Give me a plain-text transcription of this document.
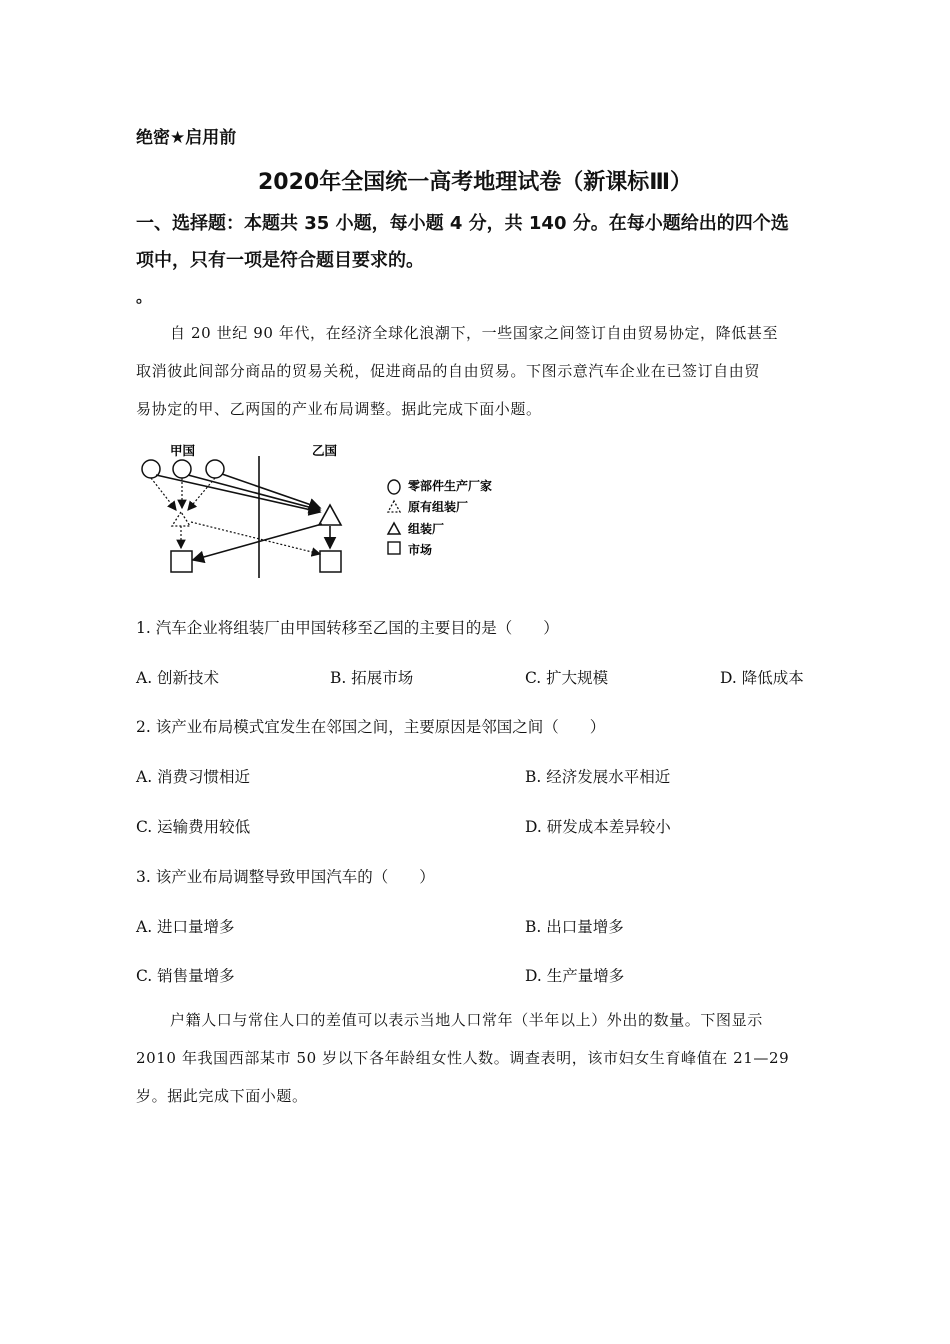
绝密★启用前
2020年全国统一高考地理试卷（新课标Ⅲ）
一、选择题：本题共 35 小题，每小题 4 分，共 140 分。在每小题给出的四个选
项中，只有一项是符合题目要求的。
。
自 20 世纪 90 年代，在经济全球化浪潮下，一些国家之间签订自由贸易协定，降低甚至
取消彼此间部分商品的贸易关税，促进商品的自由贸易。下图示意汽车企业在已签订自由贸
易协定的甲、乙两国的产业布局调整。据此完成下面小题。
甲国	乙国
零部件生产厂家
原有组装厂
组装厂
市场
1. 汽车企业将组装厂由甲国转移至乙国的主要目的是（　　）
A. 创新技术	B. 拓展市场	C. 扩大规模	D. 降低成本
2. 该产业布局模式宜发生在邻国之间，主要原因是邻国之间（　　）
A. 消费习惯相近	B. 经济发展水平相近
C. 运输费用较低	D. 研发成本差异较小
3. 该产业布局调整导致甲国汽车的（　　）
A. 进口量增多	B. 出口量增多
C. 销售量增多	D. 生产量增多
户籍人口与常住人口的差值可以表示当地人口常年（半年以上）外出的数量。下图显示
2010 年我国西部某市 50 岁以下各年龄组女性人数。调查表明，该市妇女生育峰值在 21—29
岁。据此完成下面小题。
